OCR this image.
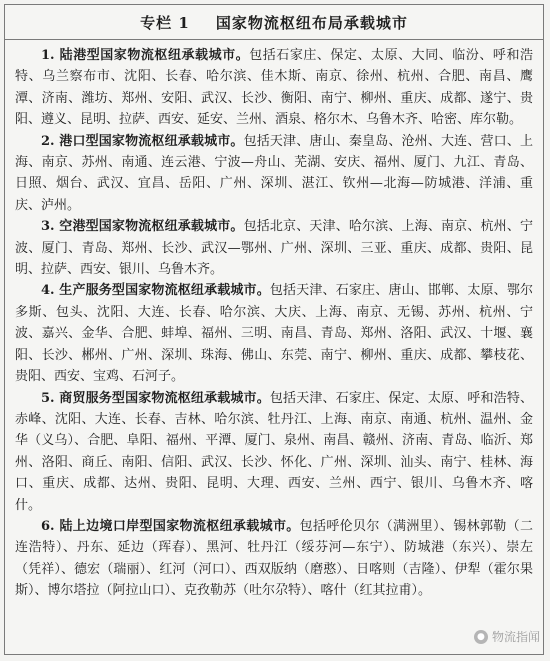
专栏 1 国家物流枢纽布局承载城市

1. 陆港型国家物流枢纽承载城市。包括石家庄、保定、太原、大同、临汾、呼和浩特、乌兰察布市、沈阳、长春、哈尔滨、佳木斯、南京、徐州、杭州、合肥、南昌、鹰潭、济南、潍坊、郑州、安阳、武汉、长沙、衡阳、南宁、柳州、重庆、成都、遂宁、贵阳、遵义、昆明、拉萨、西安、延安、兰州、酒泉、格尔木、乌鲁木齐、哈密、库尔勒。

2. 港口型国家物流枢纽承载城市。包括天津、唐山、秦皇岛、沧州、大连、营口、上海、南京、苏州、南通、连云港、宁波—舟山、芜湖、安庆、福州、厦门、九江、青岛、日照、烟台、武汉、宜昌、岳阳、广州、深圳、湛江、钦州—北海—防城港、洋浦、重庆、泸州。

3. 空港型国家物流枢纽承载城市。包括北京、天津、哈尔滨、上海、南京、杭州、宁波、厦门、青岛、郑州、长沙、武汉—鄂州、广州、深圳、三亚、重庆、成都、贵阳、昆明、拉萨、西安、银川、乌鲁木齐。

4. 生产服务型国家物流枢纽承载城市。包括天津、石家庄、唐山、邯郸、太原、鄂尔多斯、包头、沈阳、大连、长春、哈尔滨、大庆、上海、南京、无锡、苏州、杭州、宁波、嘉兴、金华、合肥、蚌埠、福州、三明、南昌、青岛、郑州、洛阳、武汉、十堰、襄阳、长沙、郴州、广州、深圳、珠海、佛山、东莞、南宁、柳州、重庆、成都、攀枝花、贵阳、西安、宝鸡、石河子。

5. 商贸服务型国家物流枢纽承载城市。包括天津、石家庄、保定、太原、呼和浩特、赤峰、沈阳、大连、长春、吉林、哈尔滨、牡丹江、上海、南京、南通、杭州、温州、金华（义乌）、合肥、阜阳、福州、平潭、厦门、泉州、南昌、赣州、济南、青岛、临沂、郑州、洛阳、商丘、南阳、信阳、武汉、长沙、怀化、广州、深圳、汕头、南宁、桂林、海口、重庆、成都、达州、贵阳、昆明、大理、西安、兰州、西宁、银川、乌鲁木齐、喀什。

6. 陆上边境口岸型国家物流枢纽承载城市。包括呼伦贝尔（满洲里）、锡林郭勒（二连浩特）、丹东、延边（珲春）、黑河、牡丹江（绥芬河—东宁）、防城港（东兴）、崇左（凭祥）、德宏（瑞丽）、红河（河口）、西双版纳（磨憨）、日喀则（吉隆）、伊犁（霍尔果斯）、博尔塔拉（阿拉山口）、克孜勒苏（吐尔尕特）、喀什（红其拉甫）。

● 物流指闻
